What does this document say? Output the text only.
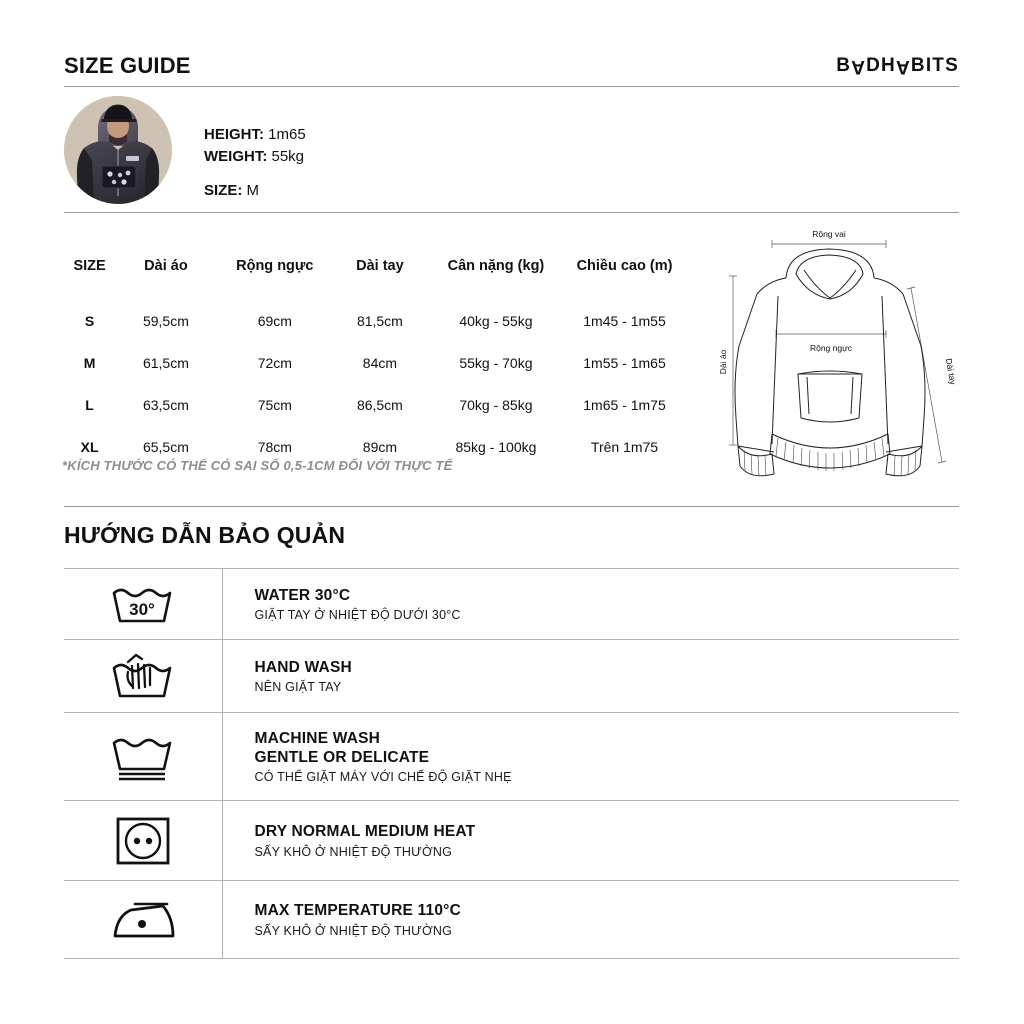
SIZE GUIDE	B A DH A BITS
HEIGHT: 1m65
WEIGHT: 55kg
SIZE: M
SIZE	Dài áo	Rộng ngực	Dài tay	Cân nặng (kg)	Chiều cao (m)
S	59,5cm	69cm	81,5cm	40kg - 55kg	1m45 - 1m55
M	61,5cm	72cm	84cm	55kg - 70kg	1m55 - 1m65
L	63,5cm	75cm	86,5cm	70kg - 85kg	1m65 - 1m75
XL	65,5cm	78cm	89cm	85kg - 100kg	Trên 1m75
*KÍCH THƯỚC CÓ THỂ CÓ SAI SỐ 0,5-1CM ĐỐI VỚI THỰC TẾ
Rộng vai
Rộng ngực
Dài áo	Dài tay
HƯỚNG DẪN BẢO QUẢN
30°	WATER 30°C
GIẶT TAY Ở NHIỆT ĐỘ DƯỚI 30°C

HAND WASH
NÊN GIẶT TAY

MACHINE WASH
GENTLE OR DELICATE
CÓ THỂ GIẶT MÁY VỚI CHẾ ĐỘ GIẶT NHẸ

DRY NORMAL MEDIUM HEAT
SẤY KHÔ Ở NHIỆT ĐỘ THƯỜNG

MAX TEMPERATURE 110°C
SẤY KHÔ Ở NHIỆT ĐỘ THƯỜNG
